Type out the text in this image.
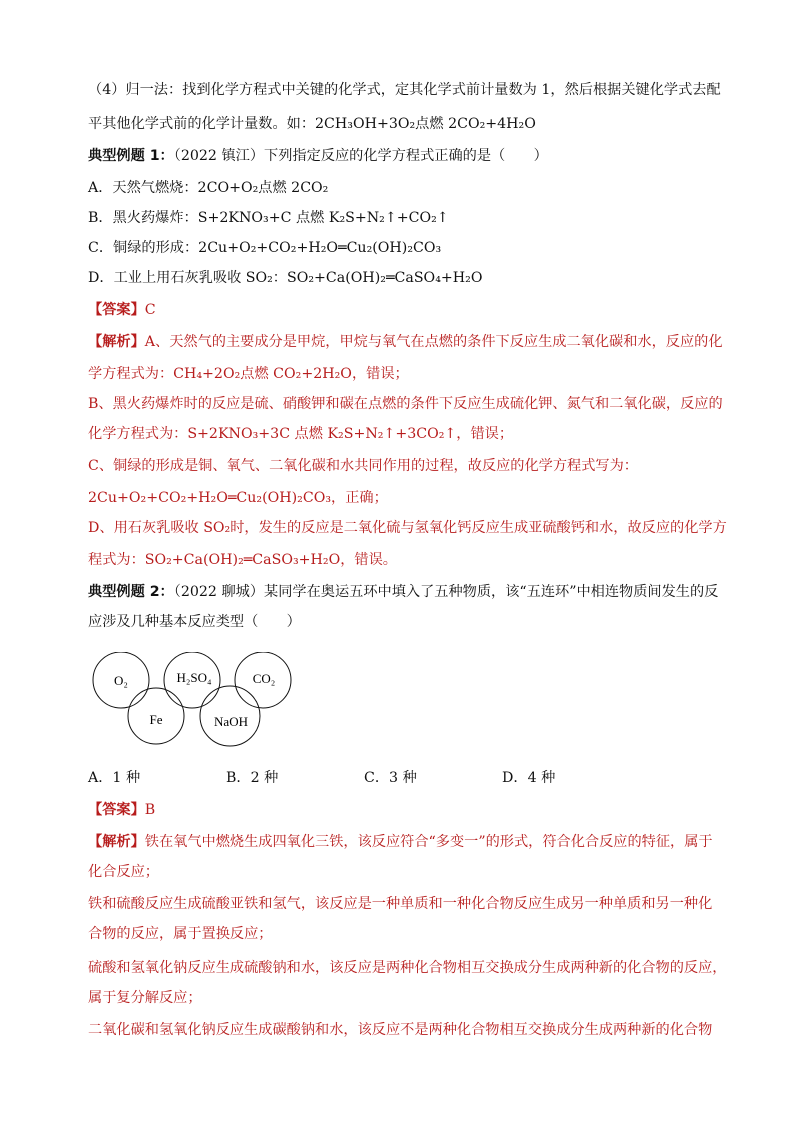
（4）归一法：找到化学方程式中关键的化学式，定其化学式前计量数为 1，然后根据关键化学式去配
平其他化学式前的化学计量数。如：2CH₃OH+3O₂点燃 2CO₂+4H₂O
典型例题 1：（2022 镇江）下列指定反应的化学方程式正确的是（　　）
A．天然气燃烧：2CO+O₂点燃 2CO₂
B．黑火药爆炸：S+2KNO₃+C 点燃 K₂S+N₂↑+CO₂↑
C．铜绿的形成：2Cu+O₂+CO₂+H₂O═Cu₂(OH)₂CO₃
D．工业上用石灰乳吸收 SO₂：SO₂+Ca(OH)₂═CaSO₄+H₂O
【答案】C
【解析】A、天然气的主要成分是甲烷，甲烷与氧气在点燃的条件下反应生成二氧化碳和水，反应的化
学方程式为：CH₄+2O₂点燃 CO₂+2H₂O，错误；
B、黑火药爆炸时的反应是硫、硝酸钾和碳在点燃的条件下反应生成硫化钾、氮气和二氧化碳，反应的
化学方程式为：S+2KNO₃+3C 点燃 K₂S+N₂↑+3CO₂↑，错误；
C、铜绿的形成是铜、氧气、二氧化碳和水共同作用的过程，故反应的化学方程式写为：
2Cu+O₂+CO₂+H₂O═Cu₂(OH)₂CO₃，正确；
D、用石灰乳吸收 SO₂时，发生的反应是二氧化硫与氢氧化钙反应生成亚硫酸钙和水，故反应的化学方
程式为：SO₂+Ca(OH)₂═CaSO₃+H₂O，错误。
典型例题 2：（2022 聊城）某同学在奥运五环中填入了五种物质，该“五连环”中相连物质间发生的反
应涉及几种基本反应类型（　　）
O₂	H₂SO₄	CO₂
Fe	NaOH
A．1 种	B．2 种	C．3 种	D．4 种
【答案】B
【解析】铁在氧气中燃烧生成四氧化三铁，该反应符合“多变一”的形式，符合化合反应的特征，属于
化合反应；
铁和硫酸反应生成硫酸亚铁和氢气，该反应是一种单质和一种化合物反应生成另一种单质和另一种化
合物的反应，属于置换反应；
硫酸和氢氧化钠反应生成硫酸钠和水，该反应是两种化合物相互交换成分生成两种新的化合物的反应，
属于复分解反应；
二氧化碳和氢氧化钠反应生成碳酸钠和水，该反应不是两种化合物相互交换成分生成两种新的化合物
